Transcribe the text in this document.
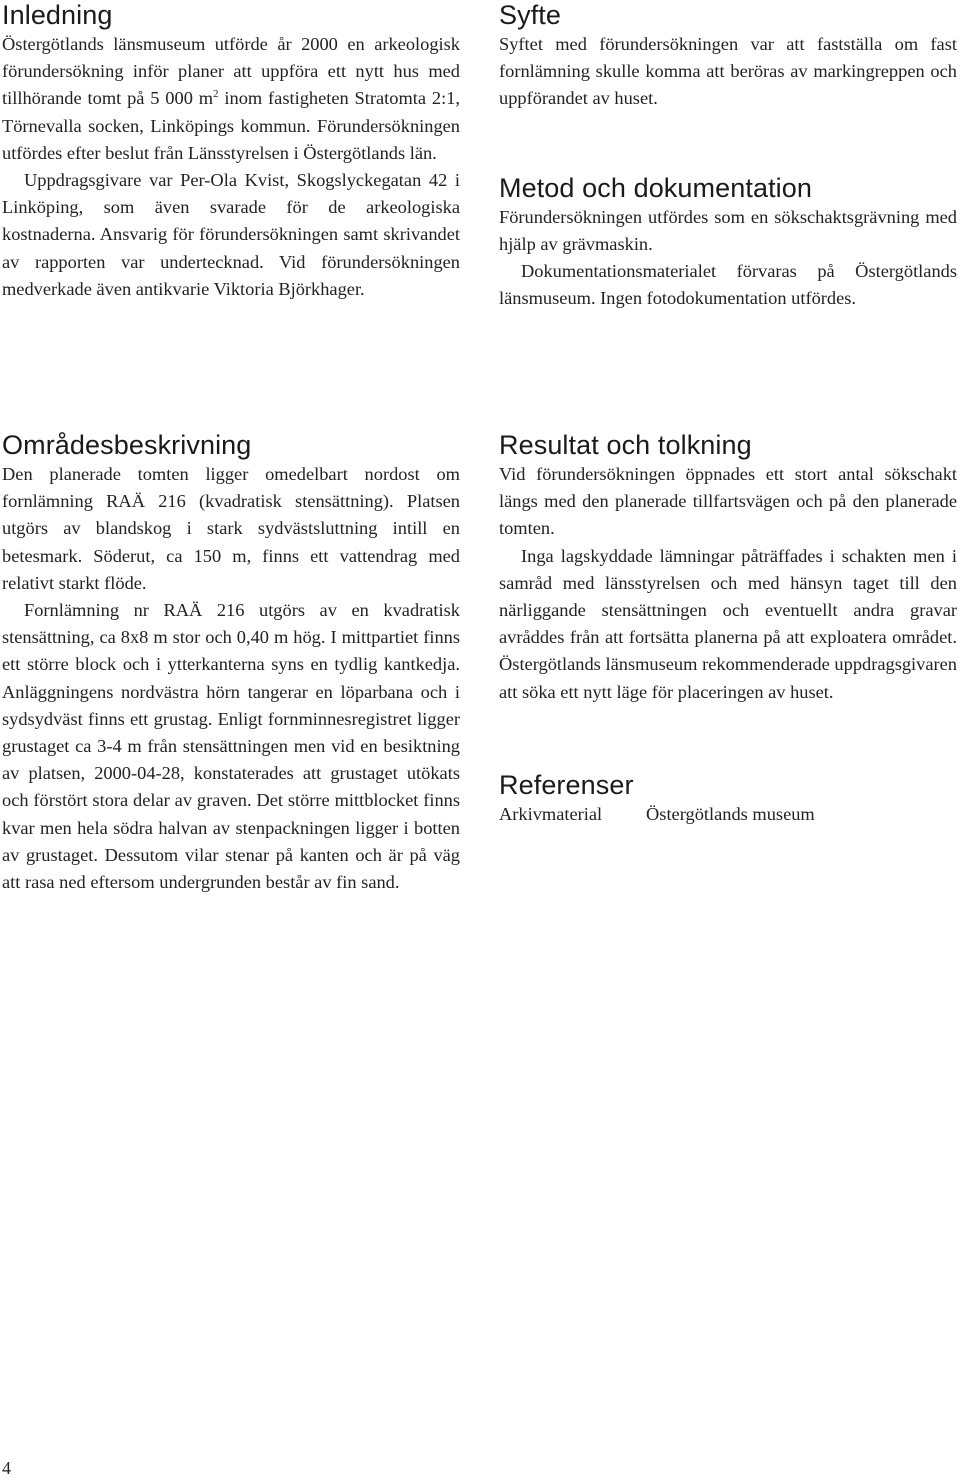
Inledning

Östergötlands länsmuseum utförde år 2000 en arkeologisk förundersökning inför planer att uppföra ett nytt hus med tillhörande tomt på 5 000 $m^2$ inom fastigheten Stratomta 2:1, Törnevalla socken, Linköpings kommun. Förundersökningen utfördes efter beslut från Länsstyrelsen i Östergötlands län.

Uppdragsgivare var Per-Ola Kvist, Skogslyckegatan 42 i Linköping, som även svarade för de arkeologiska kostnaderna. Ansvarig för förundersökningen samt skrivandet av rapporten var undertecknad. Vid förundersökningen medverkade även antikvarie Viktoria Björkhager.

Områdesbeskrivning

Den planerade tomten ligger omedelbart nordost om fornlämning RAÄ 216 (kvadratisk stensättning). Platsen utgörs av blandskog i stark sydvästsluttning intill en betesmark. Söderut, ca 150 m, finns ett vattendrag med relativt starkt flöde.

Fornlämning nr RAÄ 216 utgörs av en kvadratisk stensättning, ca 8x8 m stor och 0,40 m hög. I mittpartiet finns ett större block och i ytterkanterna syns en tydlig kantkedja. Anläggningens nordvästra hörn tangerar en löparbana och i sydsydväst finns ett grustag. Enligt fornminnesregistret ligger grustaget ca 3-4 m från stensättningen men vid en besiktning av platsen, 2000-04-28, konstaterades att grustaget utökats och förstört stora delar av graven. Det större mittblocket finns kvar men hela södra halvan av stenpackningen ligger i botten av grustaget. Dessutom vilar stenar på kanten och är på väg att rasa ned eftersom undergrunden består av fin sand.

Syfte

Syftet med förundersökningen var att fastställa om fast fornlämning skulle komma att beröras av markingreppen och uppförandet av huset.

Metod och dokumentation

Förundersökningen utfördes som en sökschaktsgrävning med hjälp av grävmaskin.

Dokumentationsmaterialet förvaras på Östergötlands länsmuseum. Ingen fotodokumentation utfördes.

Resultat och tolkning

Vid förundersökningen öppnades ett stort antal sökschakt längs med den planerade tillfartsvägen och på den planerade tomten.

Inga lagskyddade lämningar påträffades i schakten men i samråd med länsstyrelsen och med hänsyn taget till den närliggande stensättningen och eventuellt andra gravar avråddes från att fortsätta planerna på att exploatera området. Östergötlands länsmuseum rekommenderade uppdragsgivaren att söka ett nytt läge för placeringen av huset.

Referenser
Arkivmaterial	Östergötlands museum
4
